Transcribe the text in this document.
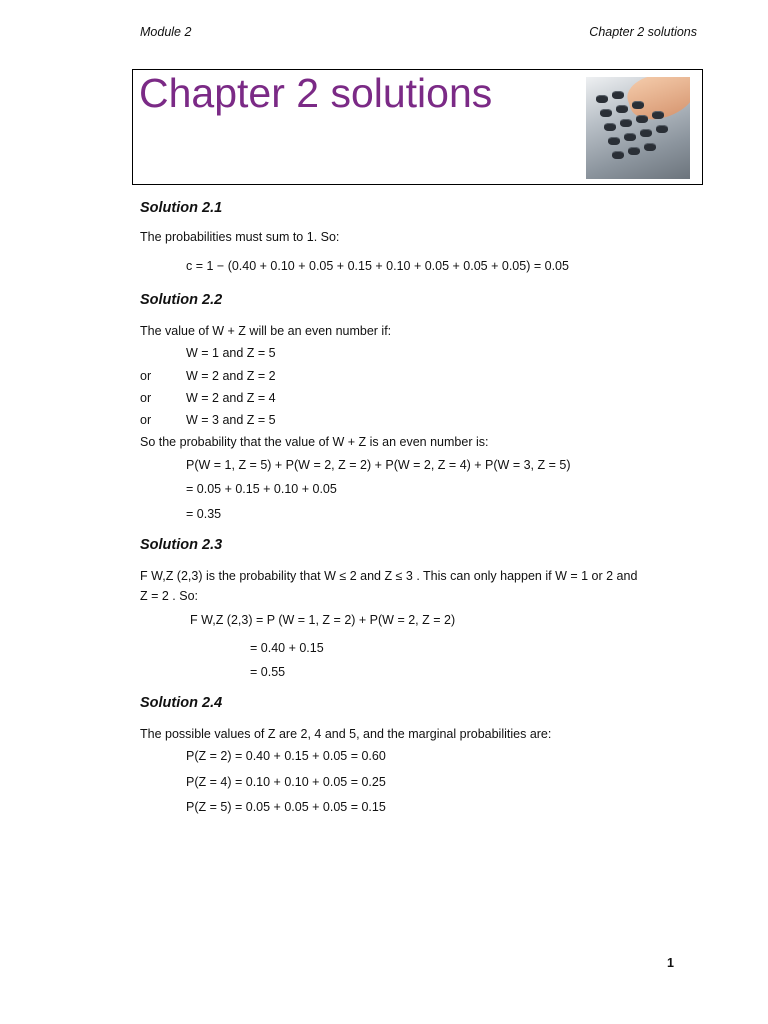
Module 2	Chapter 2 solutions
Chapter 2 solutions
Solution 2.1
The probabilities must sum to 1. So:
c = 1 − (0.40 + 0.10 + 0.05 + 0.15 + 0.10 + 0.05 + 0.05 + 0.05) = 0.05
Solution 2.2
The value of W + Z will be an even number if:
W = 1 and Z = 5
or	W = 2 and Z = 2
or	W = 2 and Z = 4
or	W = 3 and Z = 5
So the probability that the value of W + Z is an even number is:
P(W = 1, Z = 5) + P(W = 2, Z = 2) + P(W = 2, Z = 4) + P(W = 3, Z = 5)
= 0.05 + 0.15 + 0.10 + 0.05
= 0.35
Solution 2.3
F W,Z (2,3) is the probability that W ≤ 2 and Z ≤ 3 . This can only happen if W = 1 or 2 and
Z = 2 . So:
F W,Z (2,3) = P (W = 1, Z = 2) + P(W = 2, Z = 2)
= 0.40 + 0.15
= 0.55
Solution 2.4
The possible values of Z are 2, 4 and 5, and the marginal probabilities are:
P(Z = 2) = 0.40 + 0.15 + 0.05 = 0.60
P(Z = 4) = 0.10 + 0.10 + 0.05 = 0.25
P(Z = 5) = 0.05 + 0.05 + 0.05 = 0.15
1
